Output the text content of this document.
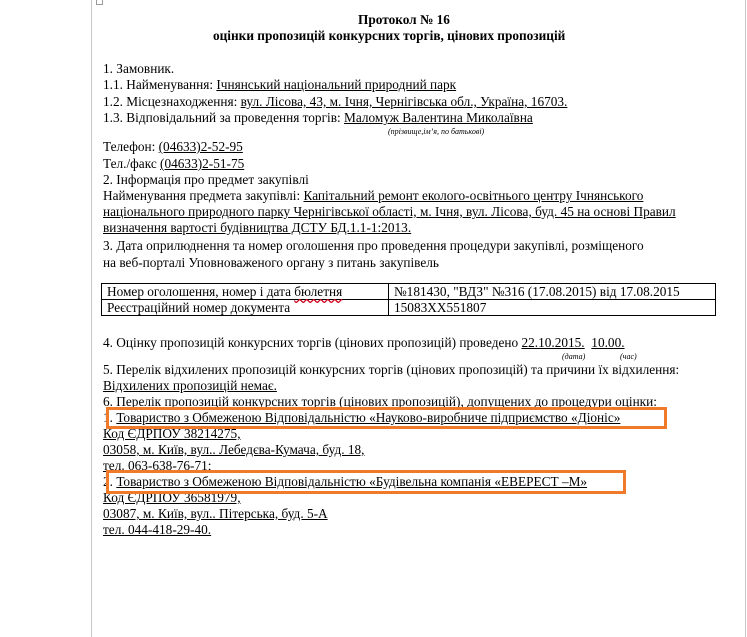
Протокол № 16
оцінки пропозицій конкурсних торгів, цінових пропозицій
1. Замовник.
1.1. Найменування: Ічнянський національний природний парк
1.2. Місцезнаходження: вул. Лісова, 43, м. Ічня, Чернігівська обл., Україна, 16703.
1.3. Відповідальний за проведення торгів: Маломуж Валентина Миколаївна
(прізвище,ім’я, по батькові)
Телефон: (04633)2-52-95
Тел./факс (04633)2-51-75
2. Інформація про предмет закупівлі
Найменування предмета закупівлі: Капітальний ремонт еколого-освітнього центру Ічнянського
національного природного парку Чернігівської області, м. Ічня, вул. Лісова, буд. 45 на основі Правил
визначення вартості будівництва ДСТУ БД.1.1-1:2013.
3. Дата оприлюднення та номер оголошення про проведення процедури закупівлі, розміщеного
на веб-порталі Уповноваженого органу з питань закупівель
Номер оголошення, номер і дата бюлетня	№181430, "ВДЗ" №316 (17.08.2015) від 17.08.2015
Реєстраційний номер документа	15083ХХ551807
4. Оцінку пропозицій конкурсних торгів (цінових пропозицій) проведено 22.10.2015. 10.00.
(дата)	(час)
5. Перелік відхилених пропозицій конкурсних торгів (цінових пропозицій) та причини їх відхилення:
Відхилених пропозицій немає.
6. Перелік пропозицій конкурсних торгів (цінових пропозицій), допущених до процедури оцінки:
1. Товариство з Обмеженою Відповідальністю «Науково-виробниче підприємство «Діоніс»
Код ЄДРПОУ 38214275,
03058, м. Київ, вул.. Лебедєва-Кумача, буд. 18,
тел. 063-638-76-71;
2. Товариство з Обмеженою Відповідальністю «Будівельна компанія «ЕВЕРЕСТ –М»
Код ЄДРПОУ 36581979,
03087, м. Київ, вул.. Пітерська, буд. 5-А
тел. 044-418-29-40.
